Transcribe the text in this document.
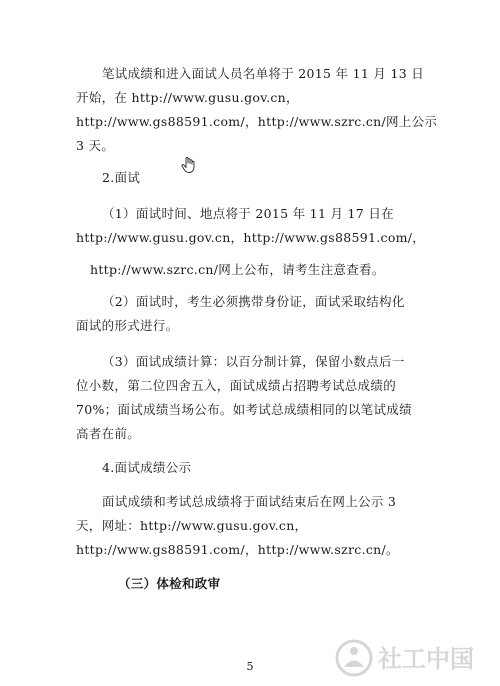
笔试成绩和进入面试人员名单将于 2015 年 11 月 13 日
开始，在 http://www.gusu.gov.cn，
http://www.gs88591.com/，http://www.szrc.cn/网上公示
3 天。
2.面试
（1）面试时间、地点将于 2015 年 11 月 17 日在
http://www.gusu.gov.cn，http://www.gs88591.com/，
http://www.szrc.cn/网上公布，请考生注意查看。
（2）面试时，考生必须携带身份证，面试采取结构化
面试的形式进行。
（3）面试成绩计算：以百分制计算，保留小数点后一
位小数，第二位四舍五入，面试成绩占招聘考试总成绩的
70%；面试成绩当场公布。如考试总成绩相同的以笔试成绩
高者在前。
4.面试成绩公示
面试成绩和考试总成绩将于面试结束后在网上公示 3
天，网址：http://www.gusu.gov.cn，
http://www.gs88591.com/，http://www.szrc.cn/。
（三）体检和政审
5	社工中国
